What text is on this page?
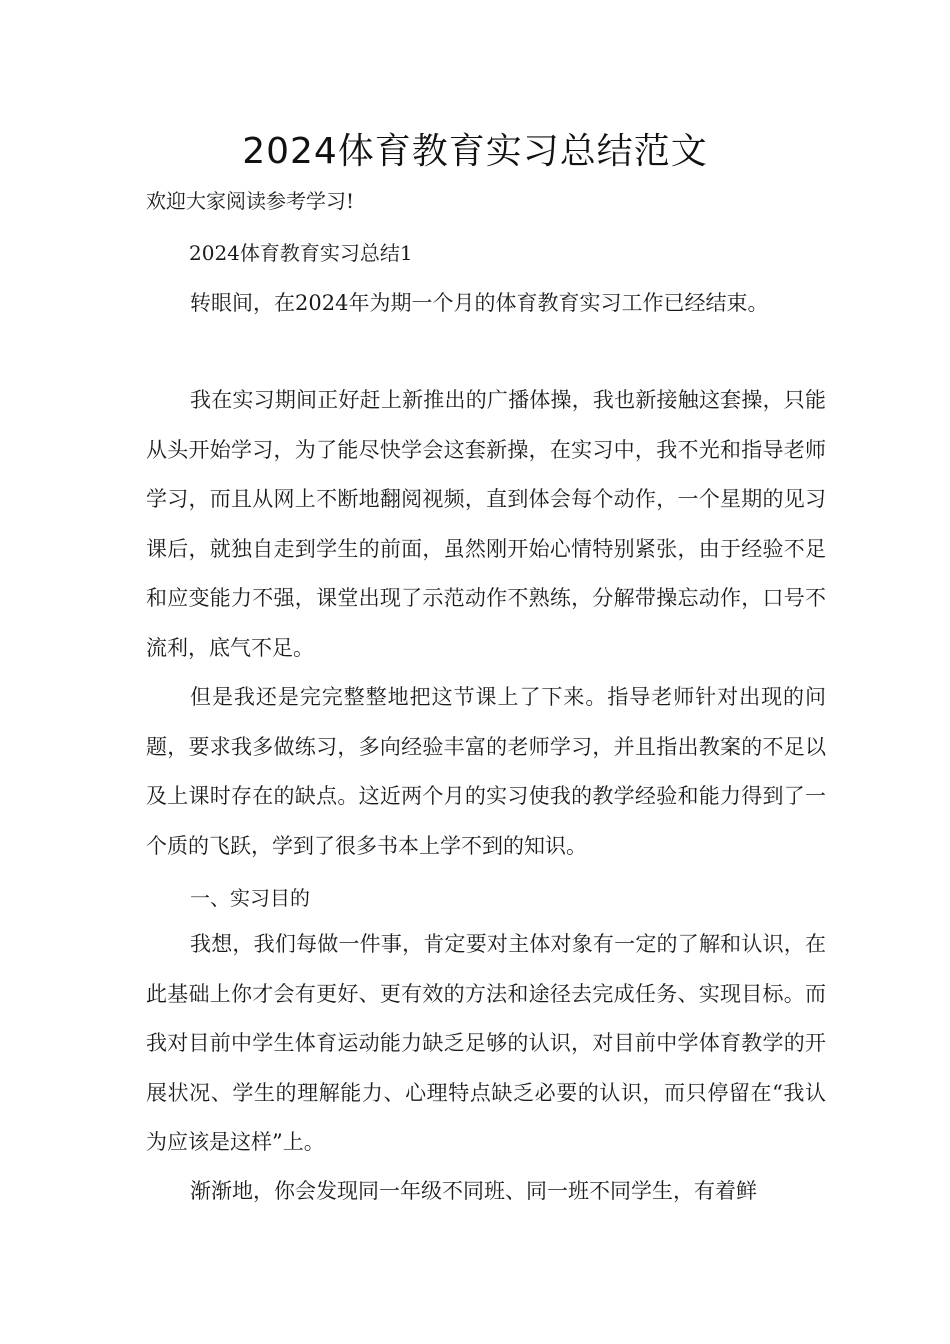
2024体育教育实习总结范文
欢迎大家阅读参考学习!
2024体育教育实习总结1

转眼间，在2024年为期一个月的体育教育实习工作已经结束。

我在实习期间正好赶上新推出的广播体操，我也新接触这套操，只能从头开始学习，为了能尽快学会这套新操，在实习中，我不光和指导老师学习，而且从网上不断地翻阅视频，直到体会每个动作，一个星期的见习课后，就独自走到学生的前面，虽然刚开始心情特别紧张，由于经验不足和应变能力不强，课堂出现了示范动作不熟练，分解带操忘动作，口号不流利，底气不足。

但是我还是完完整整地把这节课上了下来。指导老师针对出现的问题，要求我多做练习，多向经验丰富的老师学习，并且指出教案的不足以及上课时存在的缺点。这近两个月的实习使我的教学经验和能力得到了一个质的飞跃，学到了很多书本上学不到的知识。

一、实习目的

我想，我们每做一件事，肯定要对主体对象有一定的了解和认识，在此基础上你才会有更好、更有效的方法和途径去完成任务、实现目标。而我对目前中学生体育运动能力缺乏足够的认识，对目前中学体育教学的开展状况、学生的理解能力、心理特点缺乏必要的认识，而只停留在“我认为应该是这样”上。

渐渐地，你会发现同一年级不同班、同一班不同学生，有着鲜
